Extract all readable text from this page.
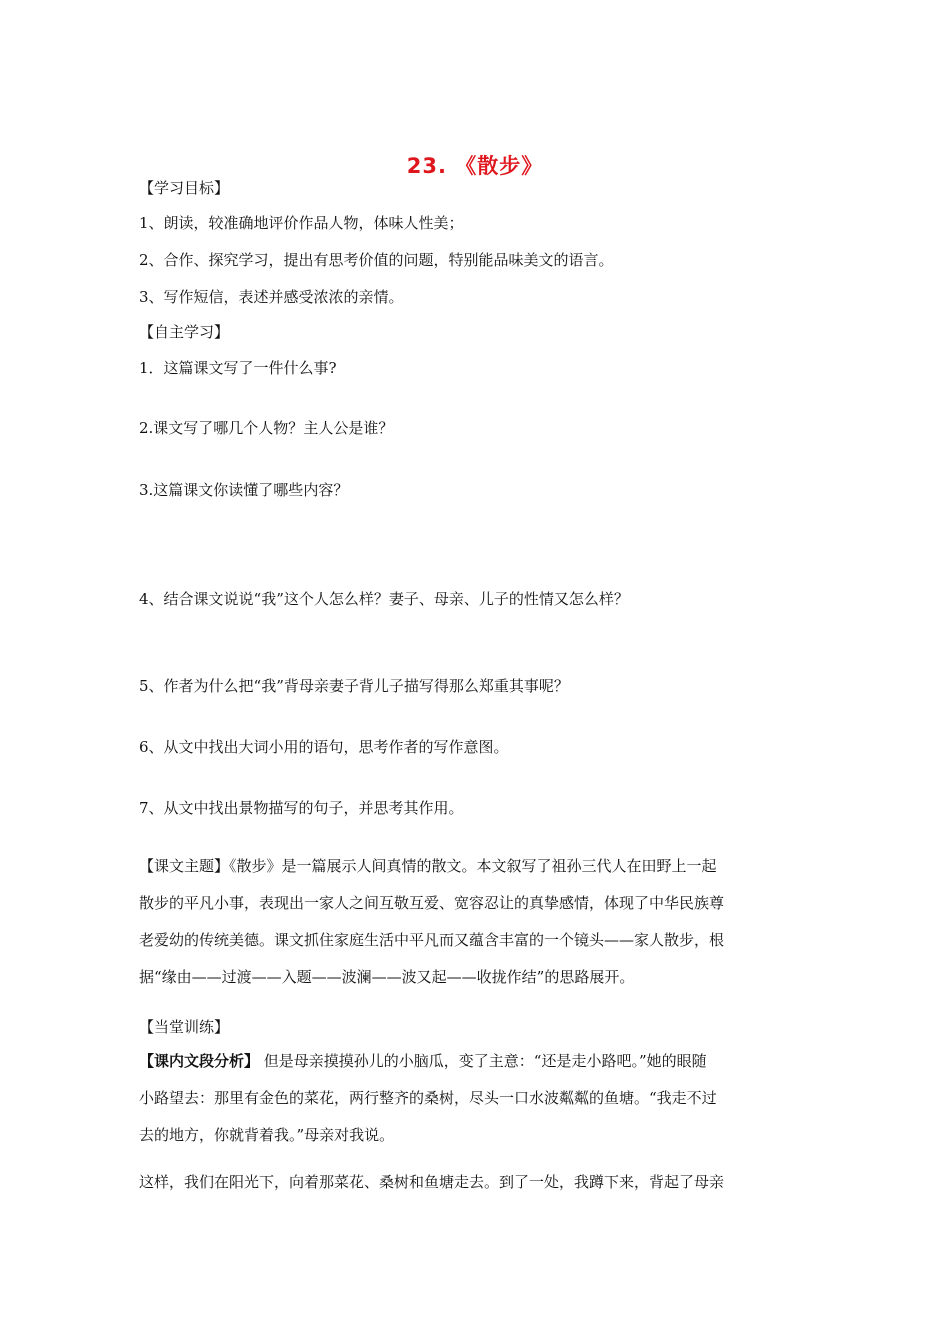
23. 《散步》
【学习目标】
1、朗读，较准确地评价作品人物，体味人性美；
2、合作、探究学习，提出有思考价值的问题，特别能品味美文的语言。
3、写作短信，表述并感受浓浓的亲情。
【自主学习】
1．这篇课文写了一件什么事?
2.课文写了哪几个人物？主人公是谁？
3.这篇课文你读懂了哪些内容？
4、结合课文说说“我”这个人怎么样？妻子、母亲、儿子的性情又怎么样？
5、作者为什么把“我”背母亲妻子背儿子描写得那么郑重其事呢？
6、从文中找出大词小用的语句，思考作者的写作意图。
7、从文中找出景物描写的句子，并思考其作用。
【课文主题】《散步》是一篇展示人间真情的散文。本文叙写了祖孙三代人在田野上一起
散步的平凡小事，表现出一家人之间互敬互爱、宽容忍让的真挚感情，体现了中华民族尊
老爱幼的传统美德。课文抓住家庭生活中平凡而又蕴含丰富的一个镜头——家人散步，根
据“缘由——过渡——入题——波澜——波又起——收拢作结”的思路展开。
【当堂训练】
【课内文段分析】 但是母亲摸摸孙儿的小脑瓜，变了主意：“还是走小路吧。”她的眼随
小路望去：那里有金色的菜花，两行整齐的桑树，尽头一口水波粼粼的鱼塘。“我走不过
去的地方，你就背着我。”母亲对我说。
这样，我们在阳光下，向着那菜花、桑树和鱼塘走去。到了一处，我蹲下来，背起了母亲
